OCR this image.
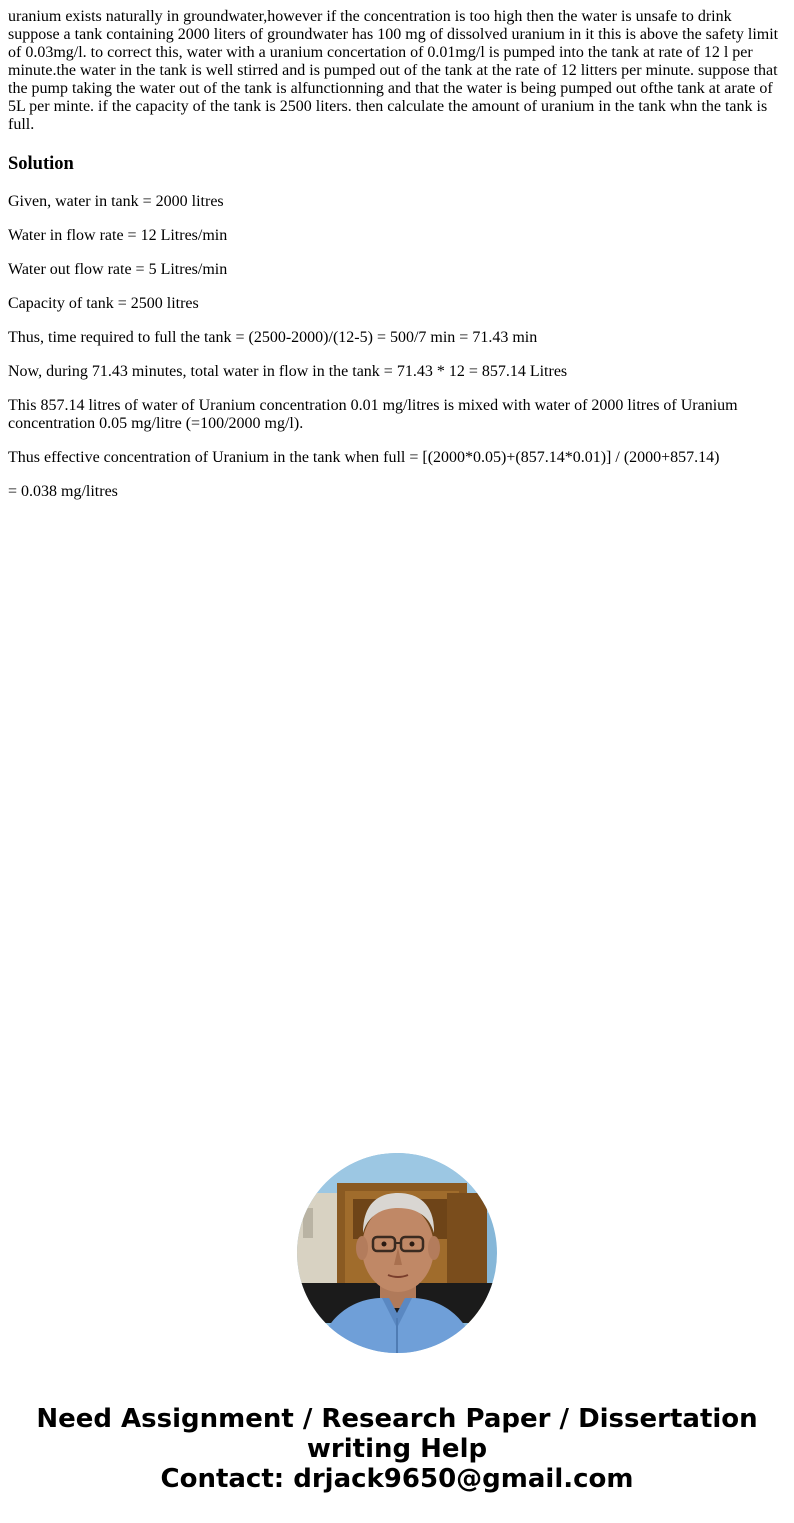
uranium exists naturally in groundwater,however if the concentration is too high then the water is unsafe to drink suppose a tank containing 2000 liters of groundwater has 100 mg of dissolved uranium in it this is above the safety limit of 0.03mg/l. to correct this, water with a uranium concertation of 0.01mg/l is pumped into the tank at rate of 12 l per minute.the water in the tank is well stirred and is pumped out of the tank at the rate of 12 litters per minute. suppose that the pump taking the water out of the tank is alfunctionning and that the water is being pumped out ofthe tank at arate of 5L per minte. if the capacity of the tank is 2500 liters. then calculate the amount of uranium in the tank whn the tank is full.

Solution

Given, water in tank = 2000 litres

Water in flow rate = 12 Litres/min

Water out flow rate = 5 Litres/min

Capacity of tank = 2500 litres

Thus, time required to full the tank = (2500-2000)/(12-5) = 500/7 min = 71.43 min

Now, during 71.43 minutes, total water in flow in the tank = 71.43 * 12 = 857.14 Litres

This 857.14 litres of water of Uranium concentration 0.01 mg/litres is mixed with water of 2000 litres of Uranium concentration 0.05 mg/litre (=100/2000 mg/l).

Thus effective concentration of Uranium in the tank when full = [(2000*0.05)+(857.14*0.01)] / (2000+857.14)

= 0.038 mg/litres

Need Assignment / Research Paper / Dissertation
writing Help
Contact: drjack9650@gmail.com
